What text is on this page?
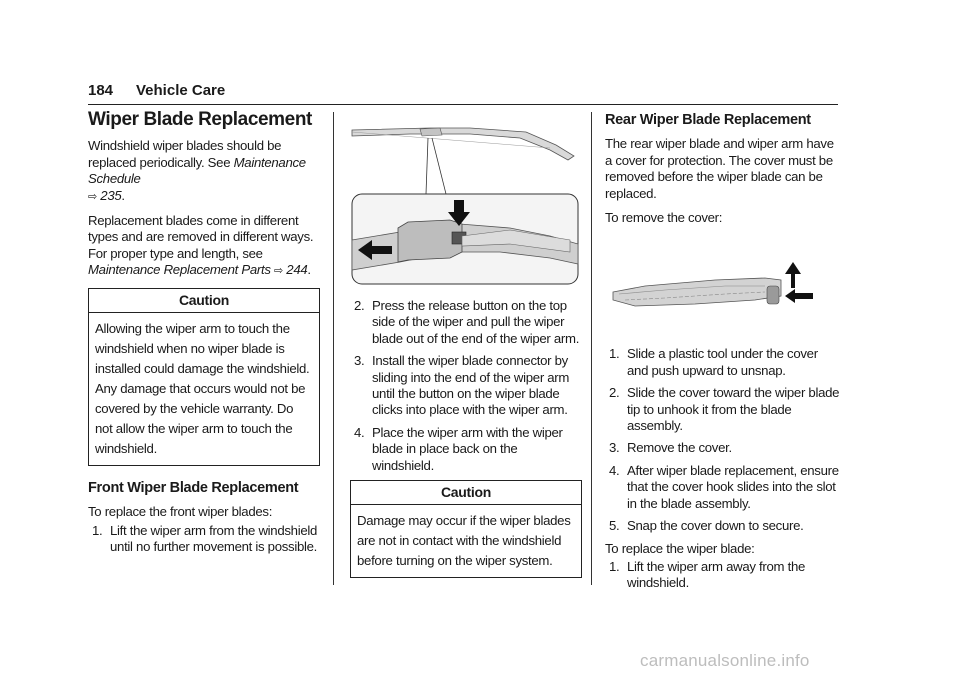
184 Vehicle Care
Wiper Blade Replacement

Windshield wiper blades should be replaced periodically. See Maintenance Schedule
⇨ 235.

Replacement blades come in different types and are removed in different ways. For proper type and length, see Maintenance Replacement Parts ⇨ 244.

Caution
Allowing the wiper arm to touch the windshield when no wiper blade is installed could damage the windshield. Any damage that occurs would not be covered by the vehicle warranty. Do not allow the wiper arm to touch the windshield.
Front Wiper Blade Replacement

To replace the front wiper blades:

1. Lift the wiper arm from the windshield until no further movement is possible.
2. Press the release button on the top side of the wiper and pull the wiper blade out of the end of the wiper arm.
3. Install the wiper blade connector by sliding into the end of the wiper arm until the button on the wiper blade clicks into place with the wiper arm.
4. Place the wiper arm with the wiper blade in place back on the windshield.
Caution
Damage may occur if the wiper blades are not in contact with the windshield before turning on the wiper system.
Rear Wiper Blade Replacement

The rear wiper blade and wiper arm have a cover for protection. The cover must be removed before the wiper blade can be replaced.

To remove the cover:

1. Slide a plastic tool under the cover and push upward to unsnap.
2. Slide the cover toward the wiper blade tip to unhook it from the blade assembly.
3. Remove the cover.
4. After wiper blade replacement, ensure that the cover hook slides into the slot in the blade assembly.
5. Snap the cover down to secure.

To replace the wiper blade:

1. Lift the wiper arm away from the windshield.
carmanualsonline.info
